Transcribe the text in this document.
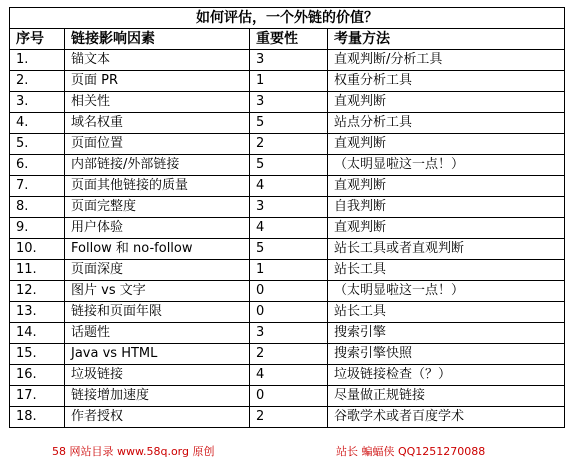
如何评估，一个外链的价值？			
序号	链接影响因素	重要性	考量方法
1.	锚文本	3	直观判断/分析工具
2.	页面 PR	1	权重分析工具
3.	相关性	3	直观判断
4.	域名权重	5	站点分析工具
5.	页面位置	2	直观判断
6.	内部链接/外部链接	5	（太明显啦这一点！）
7.	页面其他链接的质量	4	直观判断
8.	页面完整度	3	自我判断
9.	用户体验	4	直观判断
10.	Follow 和 no-follow	5	站长工具或者直观判断
11.	页面深度	1	站长工具
12.	图片 vs 文字	0	（太明显啦这一点！）
13.	链接和页面年限	0	站长工具
14.	话题性	3	搜索引擎
15.	Java vs HTML	2	搜索引擎快照
16.	垃圾链接	4	垃圾链接检查（？）
17.	链接增加速度	0	尽量做正规链接
18.	作者授权	2	谷歌学术或者百度学术
58 网站目录 www.58q.org 原创	站长 蝙蝠侠 QQ1251270088
